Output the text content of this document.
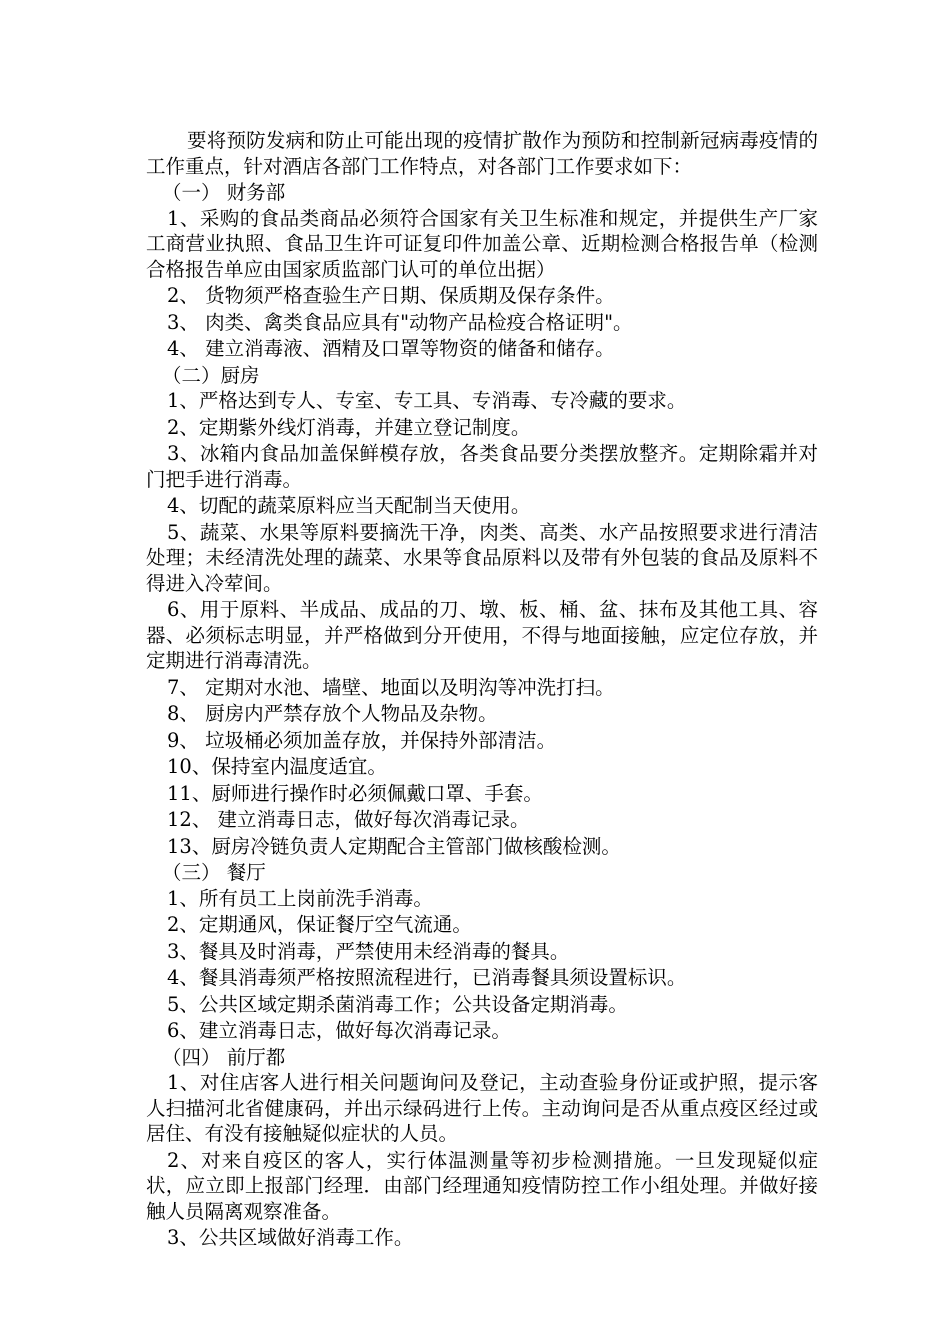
要将预防发病和防止可能出现的疫情扩散作为预防和控制新冠病毒疫情的工作重点，针对酒店各部门工作特点，对各部门工作要求如下：

（一） 财务部

1、采购的食品类商品必须符合国家有关卫生标准和规定，并提供生产厂家工商营业执照、食品卫生许可证复印件加盖公章、近期检测合格报告单（检测合格报告单应由国家质监部门认可的单位出据）

2、 货物须严格查验生产日期、保质期及保存条件。

3、 肉类、禽类食品应具有"动物产品检疫合格证明"。

4、 建立消毒液、酒精及口罩等物资的储备和储存。

（二）厨房

1、严格达到专人、专室、专工具、专消毒、专冷藏的要求。

2、定期紫外线灯消毒，并建立登记制度。

3、冰箱内食品加盖保鲜模存放，各类食品要分类摆放整齐。定期除霜并对门把手进行消毒。

4、切配的蔬菜原料应当天配制当天使用。

5、蔬菜、水果等原料要摘洗干净，肉类、高类、水产品按照要求进行清洁处理；未经清洗处理的蔬菜、水果等食品原料以及带有外包装的食品及原料不得进入冷荤间。

6、用于原料、半成品、成品的刀、墩、板、桶、盆、抹布及其他工具、容器、必须标志明显，并严格做到分开使用，不得与地面接触，应定位存放，并定期进行消毒清洗。

7、 定期对水池、墙壁、地面以及明沟等冲洗打扫。

8、 厨房内严禁存放个人物品及杂物。

9、 垃圾桶必须加盖存放，并保持外部清洁。

10、保持室内温度适宜。

11、厨师进行操作时必须佩戴口罩、手套。

12、 建立消毒日志，做好每次消毒记录。

13、厨房冷链负责人定期配合主管部门做核酸检测。

（三） 餐厅

1、所有员工上岗前洗手消毒。

2、定期通风，保证餐厅空气流通。

3、餐具及时消毒，严禁使用未经消毒的餐具。

4、餐具消毒须严格按照流程进行，已消毒餐具须设置标识。

5、公共区域定期杀菌消毒工作；公共设备定期消毒。

6、建立消毒日志，做好每次消毒记录。

（四） 前厅都

1、对住店客人进行相关问题询问及登记，主动查验身份证或护照，提示客人扫描河北省健康码，并出示绿码进行上传。主动询问是否从重点疫区经过或居住、有没有接触疑似症状的人员。

2、对来自疫区的客人，实行体温测量等初步检测措施。一旦发现疑似症状，应立即上报部门经理．由部门经理通知疫情防控工作小组处理。并做好接触人员隔离观察准备。

3、公共区域做好消毒工作。
